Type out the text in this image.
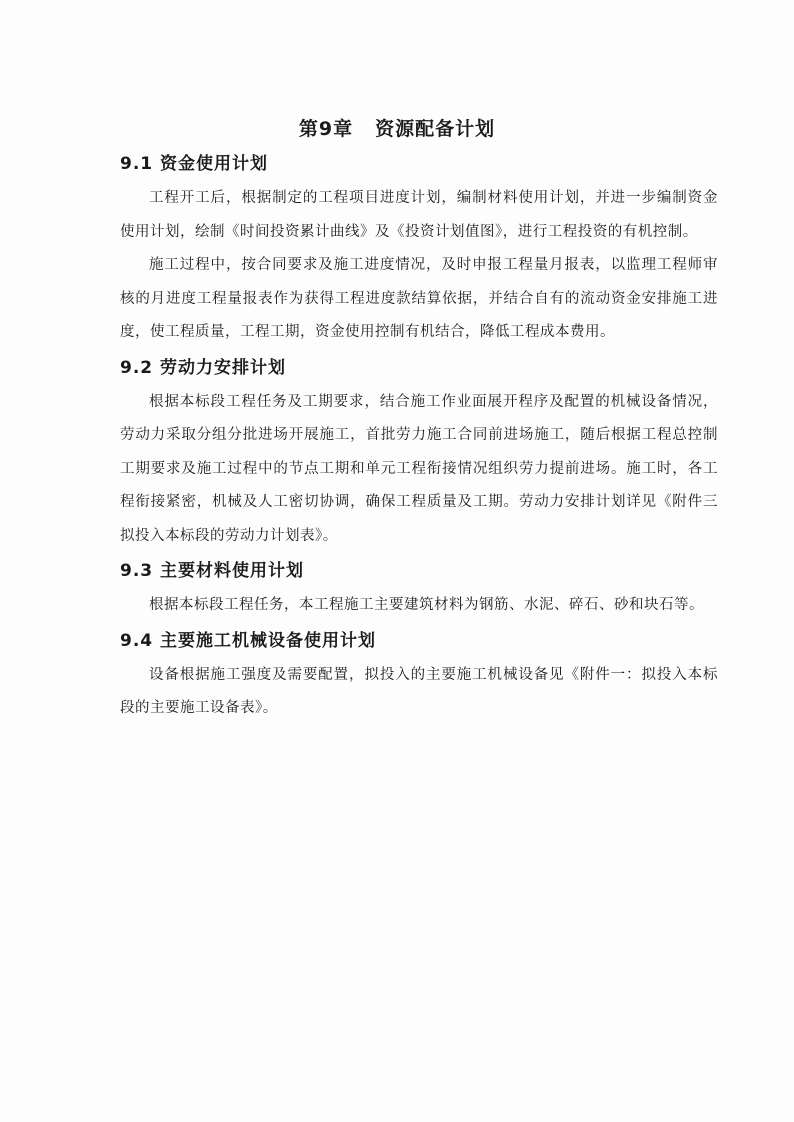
第9章 资源配备计划
9.1 资金使用计划

工程开工后，根据制定的工程项目进度计划，编制材料使用计划，并进一步编制资金使用计划，绘制《时间投资累计曲线》及《投资计划值图》，进行工程投资的有机控制。

施工过程中，按合同要求及施工进度情况，及时申报工程量月报表，以监理工程师审核的月进度工程量报表作为获得工程进度款结算依据，并结合自有的流动资金安排施工进度，使工程质量，工程工期，资金使用控制有机结合，降低工程成本费用。

9.2 劳动力安排计划

根据本标段工程任务及工期要求，结合施工作业面展开程序及配置的机械设备情况，劳动力采取分组分批进场开展施工，首批劳力施工合同前进场施工，随后根据工程总控制工期要求及施工过程中的节点工期和单元工程衔接情况组织劳力提前进场。施工时，各工程衔接紧密，机械及人工密切协调，确保工程质量及工期。劳动力安排计划详见《附件三 拟投入本标段的劳动力计划表》。

9.3 主要材料使用计划

根据本标段工程任务，本工程施工主要建筑材料为钢筋、水泥、碎石、砂和块石等。

9.4 主要施工机械设备使用计划

设备根据施工强度及需要配置，拟投入的主要施工机械设备见《附件一：拟投入本标段的主要施工设备表》。
